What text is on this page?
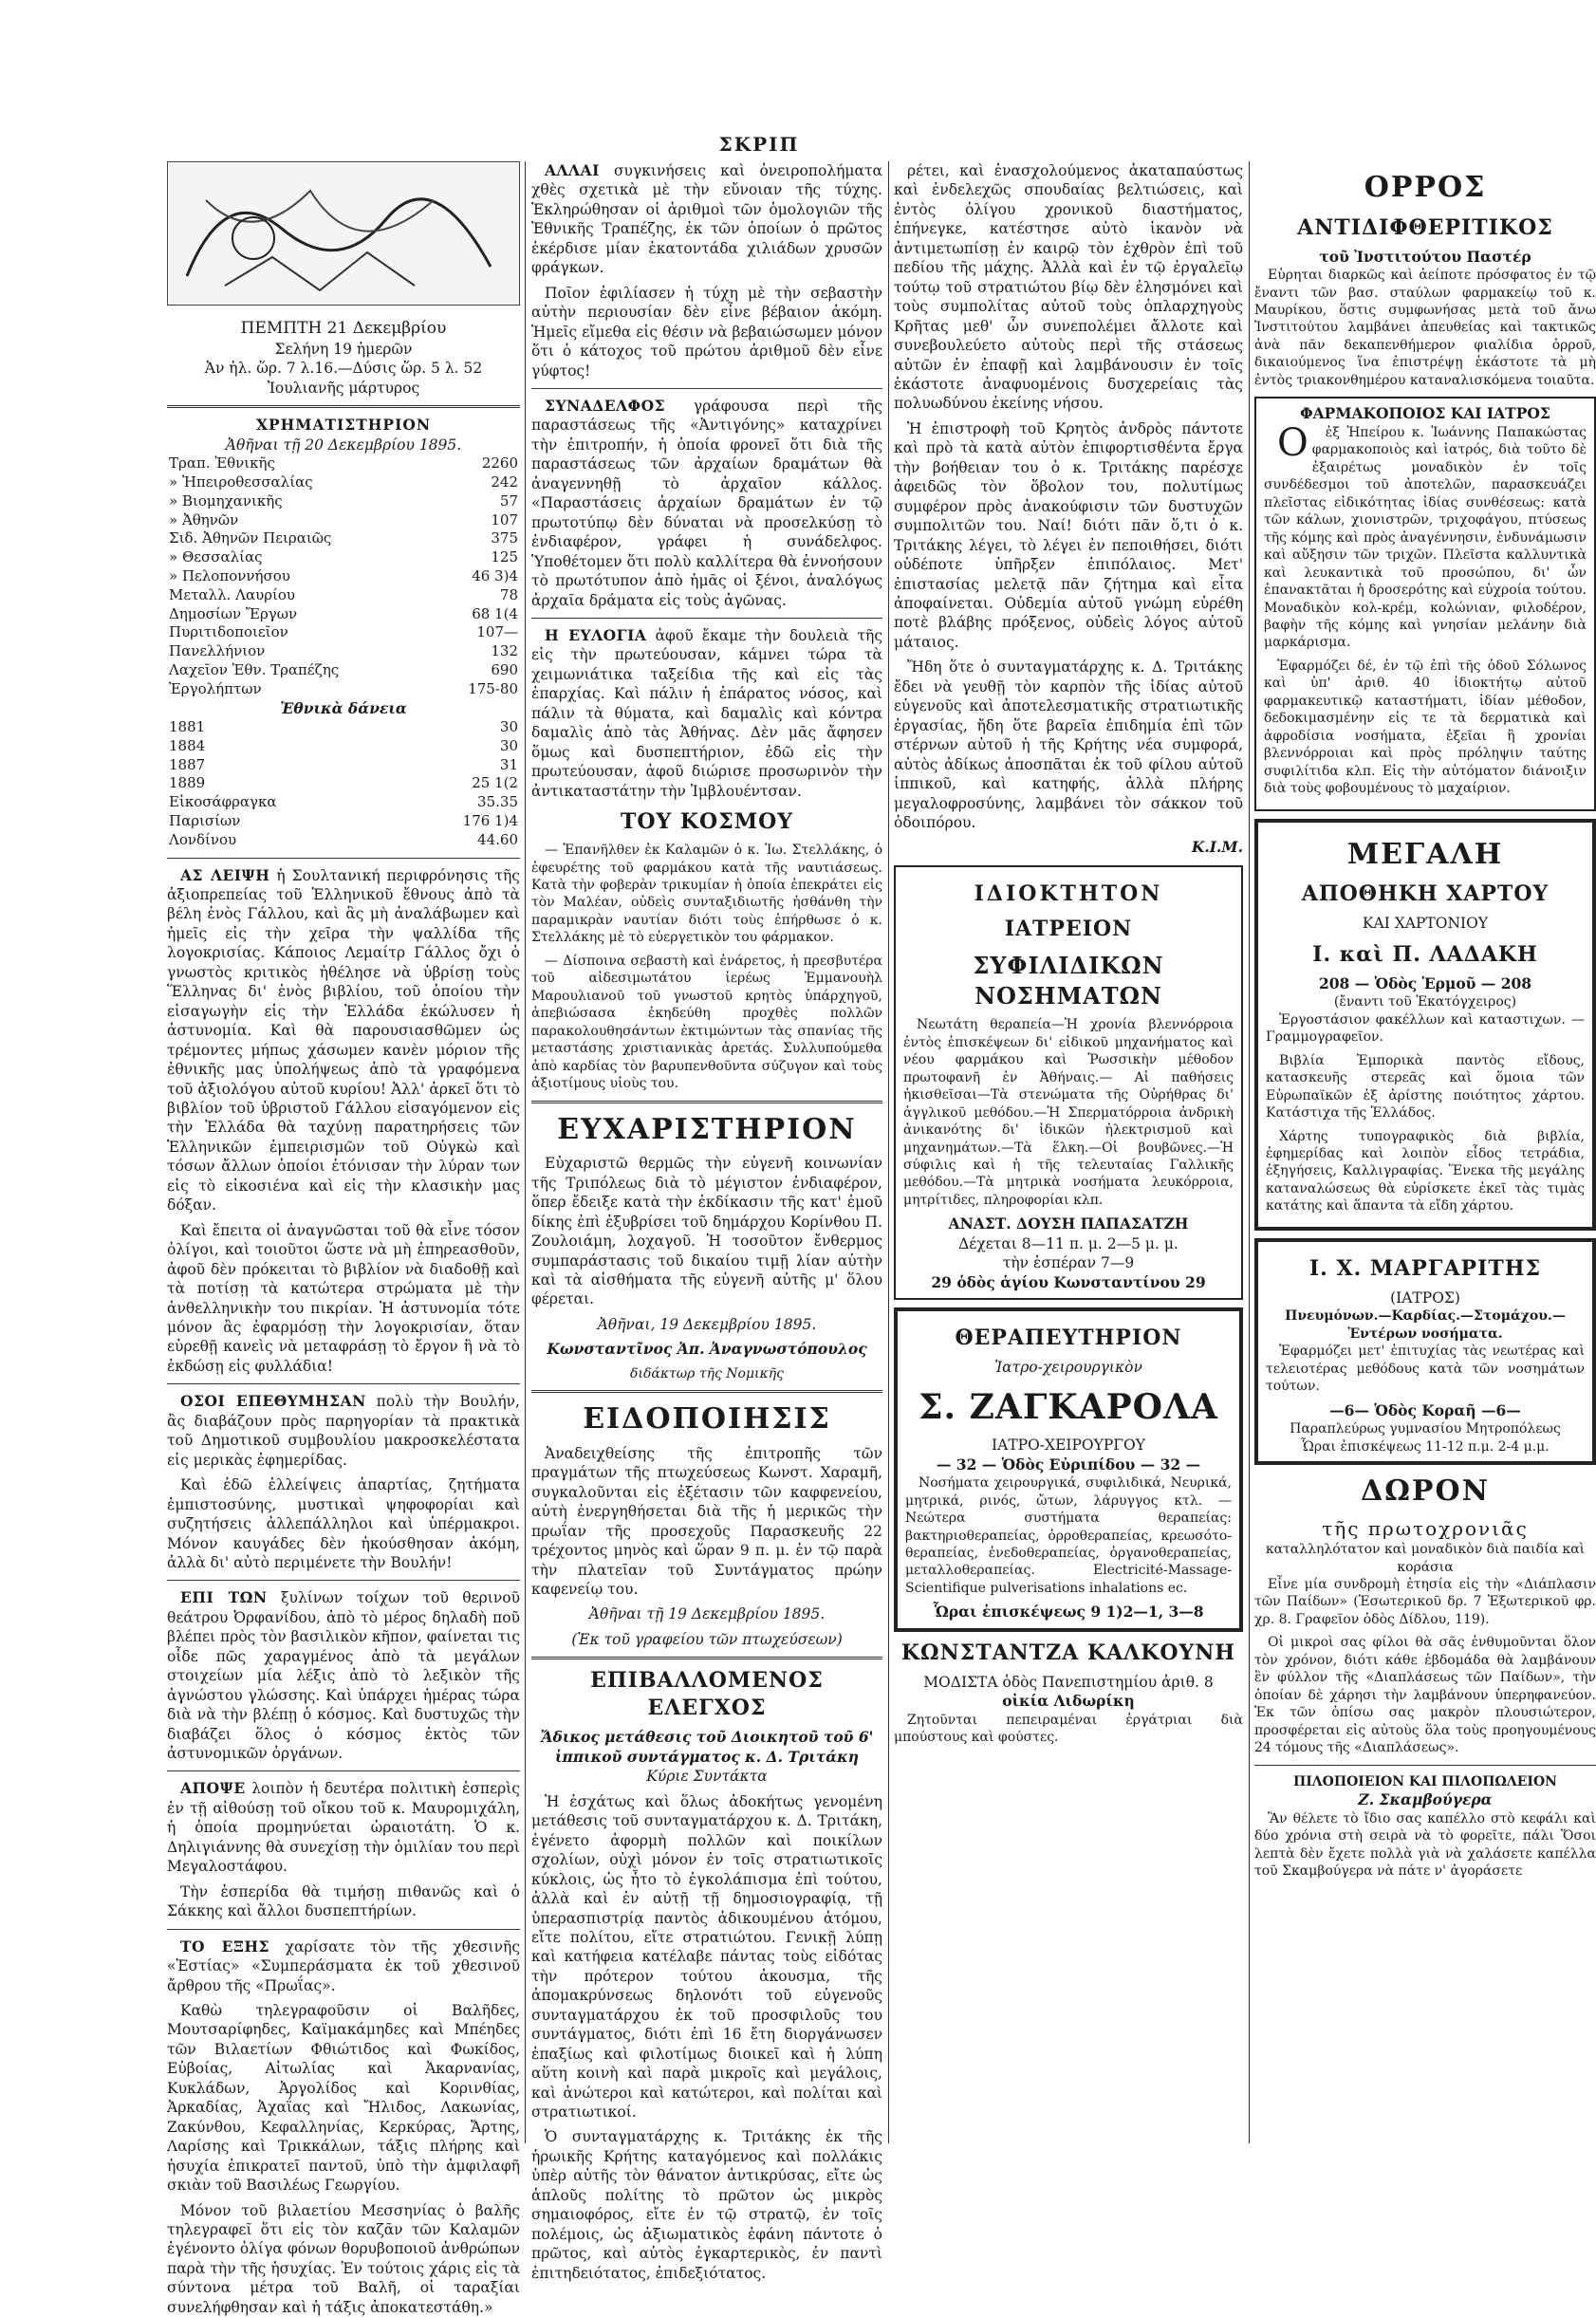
ΣΚΡΙΠ
ΠΕΜΠΤΗ 21 Δεκεμβρίου
Σελήνη 19 ἡμερῶν
Ἀν ἡλ. ὥρ. 7 λ.16.—Δύσις ὥρ. 5 λ. 52
Ἰουλιανῆς μάρτυρος
ΧΡΗΜΑΤΙΣΤΗΡΙΟΝ
Ἀθῆναι τῇ 20 Δεκεμβρίου 1895.
Τραπ. Ἐθνικῆς	2260
» Ἠπειροθεσσαλίας	242
» Βιομηχανικῆς	57
» Ἀθηνῶν	107
Σιδ. Ἀθηνῶν Πειραιῶς	375
» Θεσσαλίας	125
» Πελοποννήσου	46 3)4
Μεταλλ. Λαυρίου	78
Δημοσίων Ἔργων	68 1(4
Πυριτιδοποιεῖον	107—
Πανελλήνιον	132
Λαχεῖον Ἐθν. Τραπέζης	690
Ἐργολήπτων	175-80
Ἐθνικὰ δάνεια
1881	30
1884	30
1887	31
1889	25 1(2
Εἰκοσάφραγκα	35.35
Παρισίων	176 1)4
Λονδίνου	44.60

ΑΣ ΛΕΙΨΗ ἡ Σουλτανική περιφρόνησις τῆς ἀξιοπρεπείας τοῦ Ἑλληνικοῦ ἔθνους ἀπὸ τὰ βέλη ἑνὸς Γάλλου, καὶ ἂς μὴ ἀναλάβωμεν καὶ ἡμεῖς εἰς τὴν χεῖρα τὴν ψαλλίδα τῆς λογοκρισίας. Κάποιος Λεμαίτρ Γάλλος ὄχι ὁ γνωστὸς κριτικὸς ἠθέλησε νὰ ὑβρίσῃ τοὺς Ἕλληνας δι' ἑνὸς βιβλίου, τοῦ ὁποίου τὴν εἰσαγωγὴν εἰς τὴν Ἑλλάδα ἐκώλυσεν ἡ ἀστυνομία. Καὶ θὰ παρουσιασθῶμεν ὡς τρέμοντες μήπως χάσωμεν κανὲν μόριον τῆς ἐθνικῆς μας ὑπολήψεως ἀπὸ τὰ γραφόμενα τοῦ ἀξιολόγου αὐτοῦ κυρίου! Ἀλλ' ἀρκεῖ ὅτι τὸ βιβλίον τοῦ ὑβριστοῦ Γάλλου εἰσαγόμενον εἰς τὴν Ἑλλάδα θὰ ταχύνῃ παρατηρήσεις τῶν Ἑλληνικῶν ἐμπειρισμῶν τοῦ Οὐγκὼ καὶ τόσων ἄλλων ὁποίοι ἐτόνισαν τὴν λύραν των εἰς τὸ εἰκοσιένα καὶ εἰς τὴν κλασικὴν μας δόξαν.

Καὶ ἔπειτα οἱ ἀναγνῶσται τοῦ θὰ εἶνε τόσον ὀλίγοι, καὶ τοιοῦτοι ὥστε νὰ μὴ ἐπηρεασθοῦν, ἀφοῦ δὲν πρόκειται τὸ βιβλίον νὰ διαδοθῇ καὶ τὰ ποτίσῃ τὰ κατώτερα στρώματα μὲ τὴν ἀνθελληνικὴν του πικρίαν. Ἡ ἀστυνομία τότε μόνον ἂς ἐφαρμόσῃ τὴν λογοκρισίαν, ὅταν εὑρεθῇ κανεὶς νὰ μεταφράσῃ τὸ ἔργον ἢ νὰ τὸ ἐκδώσῃ εἰς φυλλάδια!

ΟΣΟΙ ΕΠΕΘΥΜΗΣΑΝ πολὺ τὴν Βουλήν, ἂς διαβάζουν πρὸς παρηγορίαν τὰ πρακτικὰ τοῦ Δημοτικοῦ συμβουλίου μακροσκελέστατα εἰς μερικὰς ἐφημερίδας.

Καὶ ἐδῶ ἐλλείψεις ἀπαρτίας, ζητήματα ἐμπιστοσύνης, μυστικαὶ ψηφοφορίαι καὶ συζητήσεις ἀλλεπάλληλοι καὶ ὑπέρμακροι. Μόνον καυγάδες δὲν ἠκούσθησαν ἀκόμη, ἀλλὰ δι' αὐτὸ περιμένετε τὴν Βουλήν!

ΕΠΙ ΤΩΝ ξυλίνων τοίχων τοῦ θερινοῦ θεάτρου Ὀρφανίδου, ἀπὸ τὸ μέρος δηλαδὴ ποῦ βλέπει πρὸς τὸν βασιλικὸν κῆπον, φαίνεται τις οἶδε πῶς χαραγμένος ἀπὸ τὰ μεγάλων στοιχείων μία λέξις ἀπὸ τὸ λεξικὸν τῆς ἀγνώστου γλώσσης. Καὶ ὑπάρχει ἡμέρας τώρα διὰ νὰ τὴν βλέπῃ ὁ κόσμος. Καὶ δυστυχῶς τὴν διαβάζει ὅλος ὁ κόσμος ἐκτὸς τῶν ἀστυνομικῶν ὀργάνων.

ΑΠΟΨΕ λοιπὸν ἡ δευτέρα πολιτικὴ ἑσπερὶς ἐν τῇ αἰθούσῃ τοῦ οἴκου τοῦ κ. Μαυρομιχάλη, ἡ ὁποία προμηνύεται ὡραιοτάτη. Ὁ κ. Δηλιγιάννης θὰ συνεχίσῃ τὴν ὁμιλίαν του περὶ Μεγαλοστάφου.

Τὴν ἑσπερίδα θὰ τιμήσῃ πιθανῶς καὶ ὁ Σάκκης καὶ ἄλλοι δυσπεπτήρίων.

ΤΟ ΕΞΗΣ χαρίσατε τὸν τῆς χθεσινῆς «Ἑστίας» «Συμπεράσματα ἐκ τοῦ χθεσινοῦ ἄρθρου τῆς «Πρωΐας».

Καθὼ τηλεγραφοῦσιν οἱ Βαλῆδες, Μουτσαρίφηδες, Καϊμακάμηδες καὶ Μπέηδες τῶν Βιλαετίων Φθιώτιδος καὶ Φωκίδος, Εὐβοίας, Αἰτωλίας καὶ Ἀκαρνανίας, Κυκλάδων, Ἀργολίδος καὶ Κορινθίας, Ἀρκαδίας, Ἀχαΐας καὶ Ἤλιδος, Λακωνίας, Ζακύνθου, Κεφαλληνίας, Κερκύρας, Ἄρτης, Λαρίσης καὶ Τρικκάλων, τάξις πλήρης καὶ ἡσυχία ἐπικρατεῖ παντοῦ, ὑπὸ τὴν ἀμφιλαφῆ σκιὰν τοῦ Βασιλέως Γεωργίου.

Μόνον τοῦ βιλαετίου Μεσσηνίας ὁ βαλῆς τηλεγραφεῖ ὅτι εἰς τὸν καζᾶν τῶν Καλαμῶν ἐγένοντο ὀλίγα φόνων θορυβοποιοῦ ἀνθρώπων παρὰ τὴν τῆς ἡσυχίας. Ἐν τούτοις χάρις εἰς τὰ σύντονα μέτρα τοῦ Βαλῆ, οἱ ταραξίαι συνελήφθησαν καὶ ἡ τάξις ἀποκατεστάθη.»

ΑΛΛΑΙ συγκινήσεις καὶ ὀνειροπολήματα χθὲς σχετικὰ μὲ τὴν εὔνοιαν τῆς τύχης. Ἐκληρώθησαν οἱ ἀριθμοὶ τῶν ὁμολογιῶν τῆς Ἐθνικῆς Τραπέζης, ἐκ τῶν ὁποίων ὁ πρῶτος ἐκέρδισε μίαν ἑκατοντάδα χιλιάδων χρυσῶν φράγκων.

Ποῖον ἐφιλίασεν ἡ τύχη μὲ τὴν σεβαστὴν αὐτὴν περιουσίαν δὲν εἶνε βέβαιον ἀκόμη. Ἡμεῖς εἴμεθα εἰς θέσιν νὰ βεβαιώσωμεν μόνον ὅτι ὁ κάτοχος τοῦ πρώτου ἀριθμοῦ δὲν εἶνε γύφτος!

ΣΥΝΑΔΕΛΦΟΣ γράφουσα περὶ τῆς παραστάσεως τῆς «Ἀντιγόνης» καταχρίνει τὴν ἐπιτροπήν, ἡ ὁποία φρονεῖ ὅτι διὰ τῆς παραστάσεως τῶν ἀρχαίων δραμάτων θὰ ἀναγεννηθῇ τὸ ἀρχαῖον κάλλος. «Παραστάσεις ἀρχαίων δραμάτων ἐν τῷ πρωτοτύπῳ δὲν δύναται νὰ προσελκύσῃ τὸ ἐνδιαφέρον, γράφει ἡ συνάδελφος. Ὑποθέτομεν ὅτι πολὺ καλλίτερα θὰ ἐννοήσουν τὸ πρωτότυπον ἀπὸ ἡμᾶς οἱ ξένοι, ἀναλόγως ἀρχαῖα δράματα εἰς τοὺς ἀγῶνας.

Η ΕΥΛΟΓΙΑ ἀφοῦ ἔκαμε τὴν δουλειὰ τῆς εἰς τὴν πρωτεύουσαν, κάμνει τώρα τὰ χειμωνιάτικα ταξείδια τῆς καὶ εἰς τὰς ἐπαρχίας. Καὶ πάλιν ἡ ἐπάρατος νόσος, καὶ πάλιν τὰ θύματα, καὶ δαμαλὶς καὶ κόντρα δαμαλὶς ἀπὸ τὰς Ἀθήνας. Δὲν μᾶς ἄφησεν ὅμως καὶ δυσπεπτήριον, ἐδῶ εἰς τὴν πρωτεύουσαν, ἀφοῦ διώρισε προσωρινὸν τὴν ἀντικαταστάτην τὴν Ἰμβλουέντσαν.

ΤΟΥ ΚΟΣΜΟΥ

— Ἐπανῆλθεν ἐκ Καλαμῶν ὁ κ. Ἰω. Στελλάκης, ὁ ἐφευρέτης τοῦ φαρμάκου κατὰ τῆς ναυτιάσεως. Κατὰ τὴν φοβερὰν τρικυμίαν ἡ ὁποία ἐπεκράτει εἰς τὸν Μαλέαν, οὐδεὶς συνταξιδιωτῆς ἠσθάνθη τὴν παραμικρὰν ναυτίαν διότι τοὺς ἐπήρθωσε ὁ κ. Στελλάκης μὲ τὸ εὐεργετικὸν του φάρμακον.

— Δίσποινα σεβαστὴ καὶ ἐνάρετος, ἡ πρεσβυτέρα τοῦ αἰδεσιμωτάτου ἱερέως Ἐμμανουὴλ Μαρουλιανοῦ τοῦ γνωστοῦ κρητὸς ὑπάρχηγοῦ, ἀπεβιώσασα ἐκηδεύθη προχθὲς πολλῶν παρακολουθησάντων ἐκτιμώντων τὰς σπανίας τῆς μεταστάσης χριστιανικὰς ἀρετάς. Συλλυπούμεθα ἀπὸ καρδίας τὸν βαρυπενθοῦντα σύζυγον καὶ τοὺς ἀξιοτίμους υἱοὺς του.

ΕΥΧΑΡΙΣΤΗΡΙΟΝ

Εὐχαριστῶ θερμῶς τὴν εὐγενῆ κοινωνίαν τῆς Τριπόλεως διὰ τὸ μέγιστον ἐνδιαφέρον, ὅπερ ἔδειξε κατὰ τὴν ἐκδίκασιν τῆς κατ' ἐμοῦ δίκης ἐπὶ ἐξυβρίσει τοῦ δημάρχου Κορίνθου Π. Ζουλοιάμη, λοχαγοῦ. Ἡ τοσοῦτον ἔνθερμος συμπαράστασις τοῦ δικαίου τιμῇ λίαν αὐτὴν καὶ τὰ αἰσθήματα τῆς εὐγενῆ αὐτῆς μ' ὅλου φέρεται.

Ἀθῆναι, 19 Δεκεμβρίου 1895.

Κωνσταντῖνος Ἀπ. Ἀναγνωστόπουλος

διδάκτωρ τῆς Νομικῆς

ΕΙΔΟΠΟΙΗΣΙΣ

Ἀναδειχθείσης τῆς ἐπιτροπῆς τῶν πραγμάτων τῆς πτωχεύσεως Κωνστ. Χαραμῆ, συγκαλοῦνται εἰς ἐξέτασιν τῶν καφφενείου, αὐτὴ ἐνεργηθήσεται διὰ τῆς ἡ μερικῶς τὴν πρωΐαν τῆς προσεχοῦς Παρασκευῆς 22 τρέχοντος μηνὸς καὶ ὥραν 9 π. μ. ἐν τῷ παρὰ τὴν πλατεῖαν τοῦ Συντάγματος πρώην καφενείῳ του.

Ἀθῆναι τῇ 19 Δεκεμβρίου 1895.

(Ἐκ τοῦ γραφείου τῶν πτωχεύσεων)

ΕΠΙΒΑΛΛΟΜΕΝΟΣ ΕΛΕΓΧΟΣ
Ἄδικος μετάθεσις τοῦ Διοικητοῦ τοῦ 6' ἱππικοῦ συντάγματος κ. Δ. Τριτάκη

Κύριε Συντάκτα

Ἡ ἐσχάτως καὶ ὅλως ἀδοκήτως γενομένη μετάθεσις τοῦ συνταγματάρχου κ. Δ. Τριτάκη, ἐγένετο ἀφορμὴ πολλῶν καὶ ποικίλων σχολίων, οὐχὶ μόνον ἐν τοῖς στρατιωτικοῖς κύκλοις, ὡς ἦτο τὸ ἐγκολάπισμα ἐπὶ τούτου, ἀλλὰ καὶ ἐν αὐτῇ τῇ δημοσιογραφίᾳ, τῇ ὑπερασπιστρίᾳ παντὸς ἀδικουμένου ἀτόμου, εἴτε πολίτου, εἴτε στρατιώτου. Γενικῇ λύπῃ καὶ κατήφεια κατέλαβε πάντας τοὺς εἰδότας τὴν πρότερον τούτου ἀκουσμα, τῆς ἀπομακρύνσεως δηλονότι τοῦ εὐγενοῦς συνταγματάρχου ἐκ τοῦ προσφιλοῦς του συντάγματος, διότι ἐπὶ 16 ἔτη διοργάνωσεν ἐπαξίως καὶ φιλοτίμως διοικεῖ καὶ ἡ λύπη αὕτη κοινὴ καὶ παρὰ μικροῖς καὶ μεγάλοις, καὶ ἀνώτεροι καὶ κατώτεροι, καὶ πολίται καὶ στρατιωτικοί.

Ὁ συνταγματάρχης κ. Τριτάκης ἐκ τῆς ἡρωικῆς Κρήτης καταγόμενος καὶ πολλάκις ὑπὲρ αὐτῆς τὸν θάνατον ἀντικρύσας, εἴτε ὡς ἁπλοῦς πολίτης τὸ πρῶτον ὡς μικρὸς σημαιοφόρος, εἴτε ἐν τῷ στρατῷ, ἐν τοῖς πολέμοις, ὡς ἀξιωματικὸς ἐφάνη πάντοτε ὁ πρῶτος, καὶ αὐτὸς ἐγκαρτερικὸς, ἐν παντὶ ἐπιτηδειότατος, ἐπιδεξιότατος.

ρέτει, καὶ ἐνασχολούμενος ἀκαταπαύστως καὶ ἐνδελεχῶς σπουδαίας βελτιώσεις, καὶ ἐντὸς ὀλίγου χρονικοῦ διαστήματος, ἐπήνεγκε, κατέστησε αὐτὸ ἱκανὸν νὰ ἀντιμετωπίσῃ ἐν καιρῷ τὸν ἐχθρὸν ἐπὶ τοῦ πεδίου τῆς μάχης. Ἀλλὰ καὶ ἐν τῷ ἐργαλεῖῳ τούτῳ τοῦ στρατιώτου βίῳ δὲν ἐλησμόνει καὶ τοὺς συμπολίτας αὐτοῦ τοὺς ὁπλαρχηγοὺς Κρῆτας μεθ' ὧν συνεπολέμει ἄλλοτε καὶ συνεβουλεύετο αὐτοὺς περὶ τῆς στάσεως αὐτῶν ἐν ἐπαφῇ καὶ λαμβάνουσιν ἐν τοῖς ἑκάστοτε ἀναφυομένοις δυσχερείαις τὰς πολυωδύνου ἐκείνης νήσου.

Ἡ ἐπιστροφὴ τοῦ Κρητὸς ἀνδρὸς πάντοτε καὶ πρὸ τὰ κατὰ αὐτὸν ἐπιφορτισθέντα ἔργα τὴν βοήθειαν του ὁ κ. Τριτάκης παρέσχε ἀφειδῶς τὸν ὅβολον του, πολυτίμως συμφέρον πρὸς ἀνακούφισιν τῶν δυστυχῶν συμπολιτῶν του. Ναί! διότι πᾶν ὅ,τι ὁ κ. Τριτάκης λέγει, τὸ λέγει ἐν πεποιθήσει, διότι οὐδέποτε ὑπῆρξεν ἐπιπόλαιος. Μετ' ἐπιστασίας μελετᾷ πᾶν ζήτημα καὶ εἶτα ἀποφαίνεται. Οὐδεμία αὐτοῦ γνώμη εὑρέθη ποτὲ βλάβης πρόξενος, οὐδεὶς λόγος αὐτοῦ μάταιος.

Ἤδη ὅτε ὁ συνταγματάρχης κ. Δ. Τριτάκης ἔδει νὰ γευθῇ τὸν καρπὸν τῆς ἰδίας αὐτοῦ εὐγενοῦς καὶ ἀποτελεσματικῆς στρατιωτικῆς ἐργασίας, ἤδη ὅτε βαρεῖα ἐπιδημία ἐπὶ τῶν στέρνων αὐτοῦ ἡ τῆς Κρήτης νέα συμφορά, αὐτὸς ἀδίκως ἀποσπᾶται ἐκ τοῦ φίλου αὐτοῦ ἱππικοῦ, καὶ κατηφής, ἀλλὰ πλήρης μεγαλοφροσύνης, λαμβάνει τὸν σάκκον τοῦ ὁδοιπόρου.

Κ.Ι.Μ.

ΙΔΙΟΚΤΗΤΟΝ
ΙΑΤΡΕΙΟΝ
ΣΥΦΙΛΙΔΙΚΩΝ ΝΟΣΗΜΑΤΩΝ

Νεωτάτη θεραπεία—Ἡ χρονία βλεννόρροια ἐντὸς ἐπισκέψεων δι' εἰδικοῦ μηχανήματος καὶ νέου φαρμάκου καὶ Ῥωσσικὴν μέθοδον πρωτοφανῆ ἐν Ἀθήναις.— Αἱ παθήσεις ἠκισθεῖσαι—Τὰ στενώματα τῆς Οὐρήθρας δι' ἀγγλικοῦ μεθόδου.—Ἡ Σπερματόρροια ἀνδρικὴ ἀνικανότης δι' ἰδικῶν ἠλεκτρισμοῦ καὶ μηχανημάτων.—Τὰ ἕλκη.—Οἱ βουβῶνες.—Ἡ σύφιλις καὶ ἡ τῆς τελευταίας Γαλλικῆς μεθόδου.—Τὰ μητρικὰ νοσήματα λευκόρροια, μητρίτιδες, πληροφορίαι κλπ.

ΑΝΑΣΤ. ΔΟΥΣΗ ΠΑΠΑΣΑΤΖΗ
Δέχεται 8—11 π. μ. 2—5 μ. μ.
τὴν ἑσπέραν 7—9
29 ὁδὸς ἁγίου Κωνσταντίνου 29
ΘΕΡΑΠΕΥΤΗΡΙΟΝ
Ἰατρο-χειρουργικὸν
Σ. ΖΑΓΚΑΡΟΛΑ
ΙΑΤΡΟ-ΧΕΙΡΟΥΡΓΟΥ
— 32 — Ὁδὸς Εὐριπίδου — 32 —

Νοσήματα χειρουργικά, συφιλιδικά, Νευρικά, μητρικά, ρινός, ὤτων, λάρυγγος κτλ. — Νεώτερα συστήματα θεραπείας: βακτηριοθεραπείας, ὀρροθεραπείας, κρεωσότο-θεραπείας, ἐνεδοθεραπείας, ὀργανοθεραπείας, μεταλλοθεραπείας. Electricité-Massage-Scientifique pulverisations inhalations ec.

Ὧραι ἐπισκέψεως 9 1)2—1, 3—8
ΚΩΝΣΤΑΝΤΖΑ ΚΑΛΚΟΥΝΗ
ΜΟΔΙΣΤΑ ὁδὸς Πανεπιστημίου ἀριθ. 8
οἰκία Λιδωρίκη

Ζητοῦνται πεπειραμέναι ἐργάτριαι διὰ μπούστους καὶ φούστες.

ΟΡΡΟΣ
ΑΝΤΙΔΙΦΘΕΡΙΤΙΚΟΣ
τοῦ Ἰνστιτούτου Παστέρ

Εὑρηται διαρκῶς καὶ ἀείποτε πρόσφατος ἐν τῷ ἔναντι τῶν βασ. σταύλων φαρμακείῳ τοῦ κ. Μαυρίκου, ὅστις συμφωνήσας μετὰ τοῦ ἄνω Ἰνστιτούτου λαμβάνει ἀπευθείας καὶ τακτικῶς ἀνὰ πᾶν δεκαπενθήμερον φιαλίδια ὀρροῦ, δικαιούμενος ἵνα ἐπιστρέψῃ ἑκάστοτε τὰ μὴ ἐντὸς τριακονθημέρου καταναλισκόμενα τοιαῦτα.

ΦΑΡΜΑΚΟΠΟΙΟΣ ΚΑΙ ΙΑΤΡΟΣ

Ο ἐξ Ἠπείρου κ. Ἰωάννης Παπακώστας φαρμακοποιὸς καὶ ἰατρός, διὰ τοῦτο δὲ ἐξαιρέτως μοναδικὸν ἐν τοῖς συνδέδεσμοι τοῦ ἀποτελῶν, παρασκευάζει πλεῖστας εἰδικότητας ἰδίας συνθέσεως: κατὰ τῶν κάλων, χιονιστρῶν, τριχοφάγου, πτύσεως τῆς κόμης καὶ πρὸς ἀναγέννησιν, ἐνδυνάμωσιν καὶ αὔξησιν τῶν τριχῶν. Πλεῖστα καλλυντικὰ καὶ λευκαντικὰ τοῦ προσώπου, δι' ὧν ἐπανακτᾶται ἡ δροσερότης καὶ εὐχροία τούτου. Μοναδικὸν κολ-κρέμ, κολώνιαν, φιλοδέρον, βαφὴν τῆς κόμης καὶ γνησίαν μελάνην διὰ μαρκάρισμα.

Ἐφαρμόζει δέ, ἐν τῷ ἐπὶ τῆς ὁδοῦ Σόλωνος καὶ ὑπ' ἀριθ. 40 ἰδιοκτήτῳ αὐτοῦ φαρμακευτικῷ καταστήματι, ἰδίαν μέθοδον, δεδοκιμασμένην εἰς τε τὰ δερματικὰ καὶ ἀφροδίσια νοσήματα, ἐξεῖαι ἢ χρονίαι βλεννόρροιαι καὶ πρὸς πρόληψιν ταύτης συφιλίτιδα κλπ. Εἰς τὴν αὐτόματον διάνοιξιν διὰ τοὺς φοβουμένους τὸ μαχαίριον.

ΜΕΓΑΛΗ
ΑΠΟΘΗΚΗ ΧΑΡΤΟΥ
ΚΑΙ ΧΑΡΤΟΝΙΟΥ
Ι. καὶ Π. ΛΑΔΑΚΗ
208 — Ὁδὸς Ἑρμοῦ — 208
(ἔναντι τοῦ Ἐκατόγχειρος)

Ἐργοστάσιον φακέλλων καὶ καταστιχων. — Γραμμογραφεῖον.

Βιβλία Ἐμπορικὰ παντὸς εἴδους, κατασκευῆς στερεᾶς καὶ ὅμοια τῶν Εὐρωπαϊκῶν ἐξ ἀρίστης ποιότητος χάρτου. Κατάστιχα τῆς Ἑλλάδος.

Χάρτης τυπογραφικὸς διὰ βιβλία, ἐφημερίδας καὶ λοιπὸν εἶδος τετράδια, ἐξηγήσεις, Καλλιγραφίας. Ἕνεκα τῆς μεγάλης καταναλώσεως θὰ εὑρίσκετε ἐκεῖ τὰς τιμὰς κατάτης καὶ ἅπαντα τὰ εἴδη χάρτου.

Ι. Χ. ΜΑΡΓΑΡΙΤΗΣ
(ΙΑΤΡΟΣ)
Πνευμόνων.—Καρδίας.—Στομάχου.—Ἐντέρων νοσήματα.

Ἐφαρμόζει μετ' ἐπιτυχίας τὰς νεωτέρας καὶ τελειοτέρας μεθόδους κατὰ τῶν νοσημάτων τούτων.

—6— Ὁδὸς Κοραῆ —6—
Παραπλεύρως γυμνασίου Μητροπόλεως
Ὧραι ἐπισκέψεως 11-12 π.μ. 2-4 μ.μ.
ΔΩΡΟΝ
τῆς πρωτοχρονιᾶς
καταλληλότατον καὶ μοναδικὸν διὰ παιδία καὶ κοράσια

Εἶνε μία συνδρομὴ ἐτησία εἰς τὴν «Διάπλασιν τῶν Παίδων» (Ἐσωτερικοῦ δρ. 7 Ἐξωτερικοῦ φρ. χρ. 8. Γραφεῖον ὁδὸς Δίδλου, 119).

Οἱ μικροὶ σας φίλοι θὰ σᾶς ἐνθυμοῦνται ὅλον τὸν χρόνον, διότι κάθε ἑβδομάδα θὰ λαμβάνουν ἓν φύλλον τῆς «Διαπλάσεως τῶν Παίδων», τὴν ὁποίαν δὲ χάρησι τὴν λαμβάνουν ὑπερηφανεύον. Ἐκ τῶν ὀπίσω σας μακρὸν πλουσιώτερον, προσφέρεται εἰς αὐτοὺς ὅλα τοὺς προηγουμένους 24 τόμους τῆς «Διαπλάσεως».

ΠΙΛΟΠΟΙΕΙΟΝ ΚΑΙ ΠΙΛΟΠΩΛΕΙΟΝ
Ζ. Σκαμβούγερα

Ἂν θέλετε τὸ ἴδιο σας καπέλλο στὸ κεφάλι καὶ δύο χρόνια στὴ σειρὰ νὰ τὸ φορεῖτε, πάλι Ὅσοι λεπτὰ δὲν ἔχετε πολλὰ γιὰ νὰ χαλάσετε καπέλλα τοῦ Σκαμβούγερα νὰ πάτε ν' ἀγοράσετε
